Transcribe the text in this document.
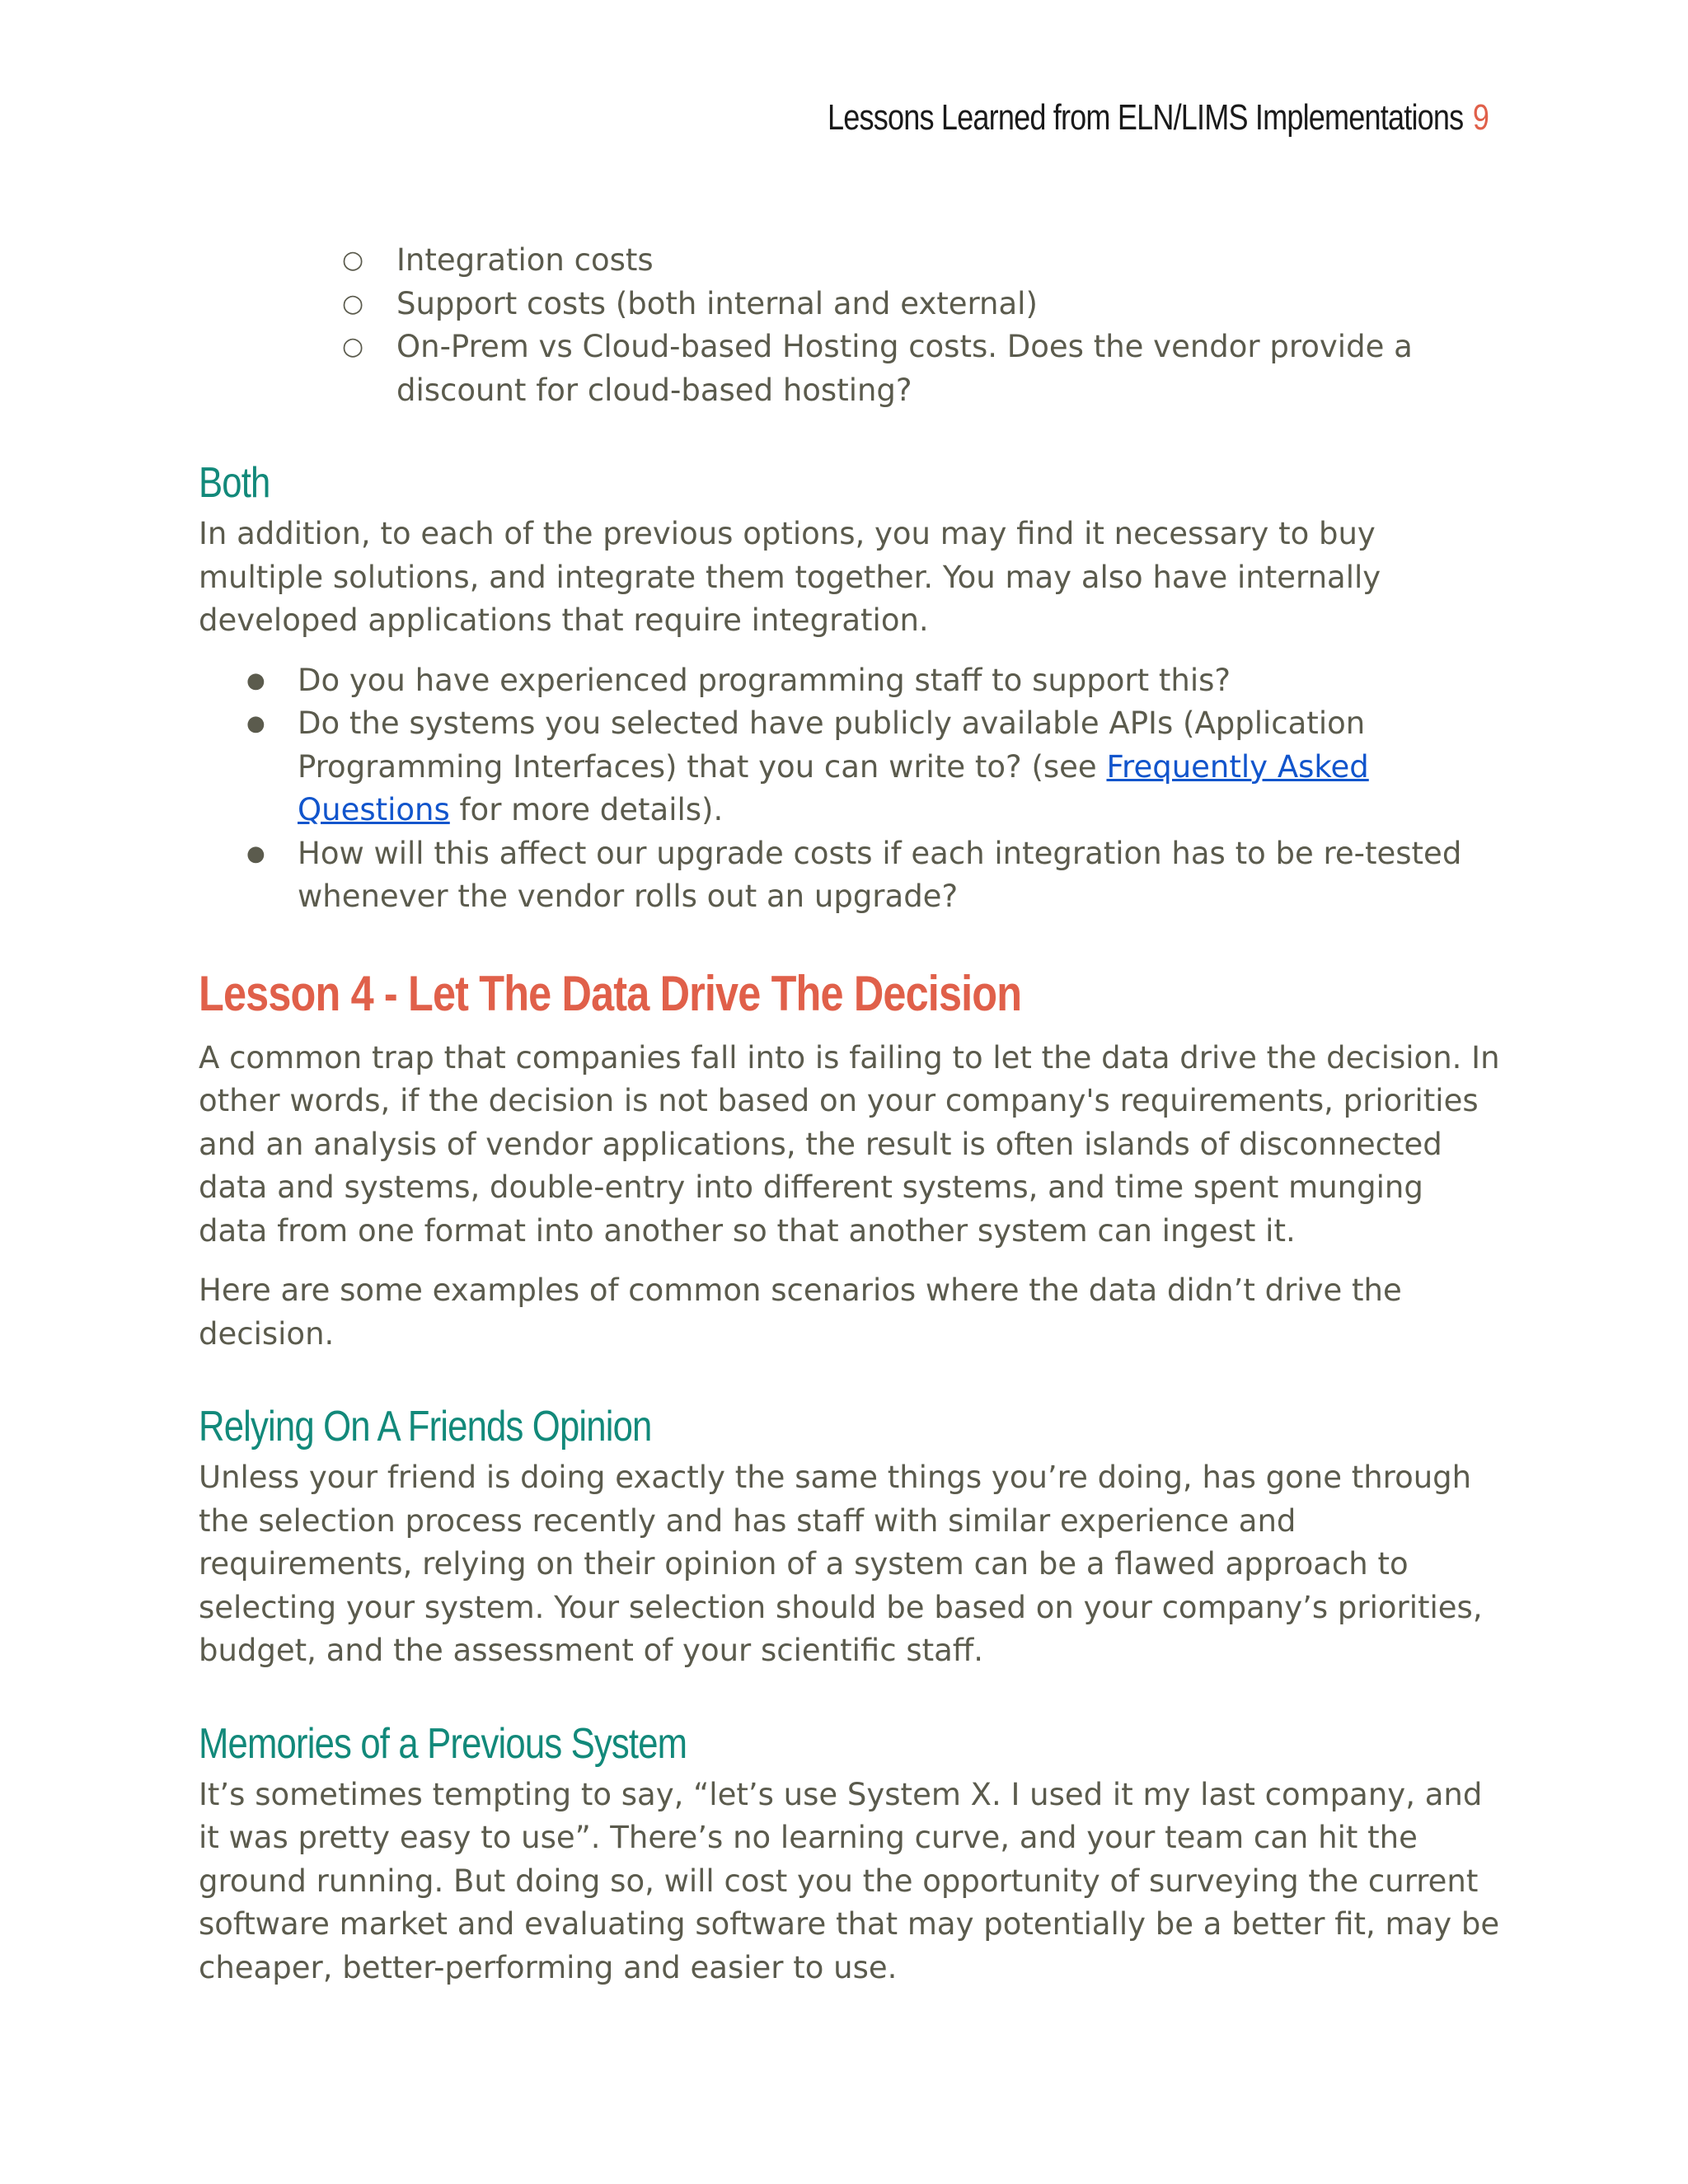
Lessons Learned from ELN/LIMS Implementations 9
○ Integration costs
○ Support costs (both internal and external)
○ On-Prem vs Cloud-based Hosting costs. Does the vendor provide a discount for cloud-based hosting?
Both

In addition, to each of the previous options, you may find it necessary to buy multiple solutions, and integrate them together. You may also have internally developed applications that require integration.

● Do you have experienced programming staff to support this?
● Do the systems you selected have publicly available APIs (Application Programming Interfaces) that you can write to? (see Frequently Asked Questions for more details).
● How will this affect our upgrade costs if each integration has to be re-tested whenever the vendor rolls out an upgrade?
Lesson 4 - Let The Data Drive The Decision

A common trap that companies fall into is failing to let the data drive the decision. In other words, if the decision is not based on your company's requirements, priorities and an analysis of vendor applications, the result is often islands of disconnected data and systems, double-entry into different systems, and time spent munging data from one format into another so that another system can ingest it.

Here are some examples of common scenarios where the data didn’t drive the decision.

Relying On A Friends Opinion

Unless your friend is doing exactly the same things you’re doing, has gone through the selection process recently and has staff with similar experience and requirements, relying on their opinion of a system can be a flawed approach to selecting your system. Your selection should be based on your company’s priorities, budget, and the assessment of your scientific staff.

Memories of a Previous System

It’s sometimes tempting to say, “let’s use System X. I used it my last company, and it was pretty easy to use”. There’s no learning curve, and your team can hit the ground running. But doing so, will cost you the opportunity of surveying the current software market and evaluating software that may potentially be a better fit, may be cheaper, better-performing and easier to use.
